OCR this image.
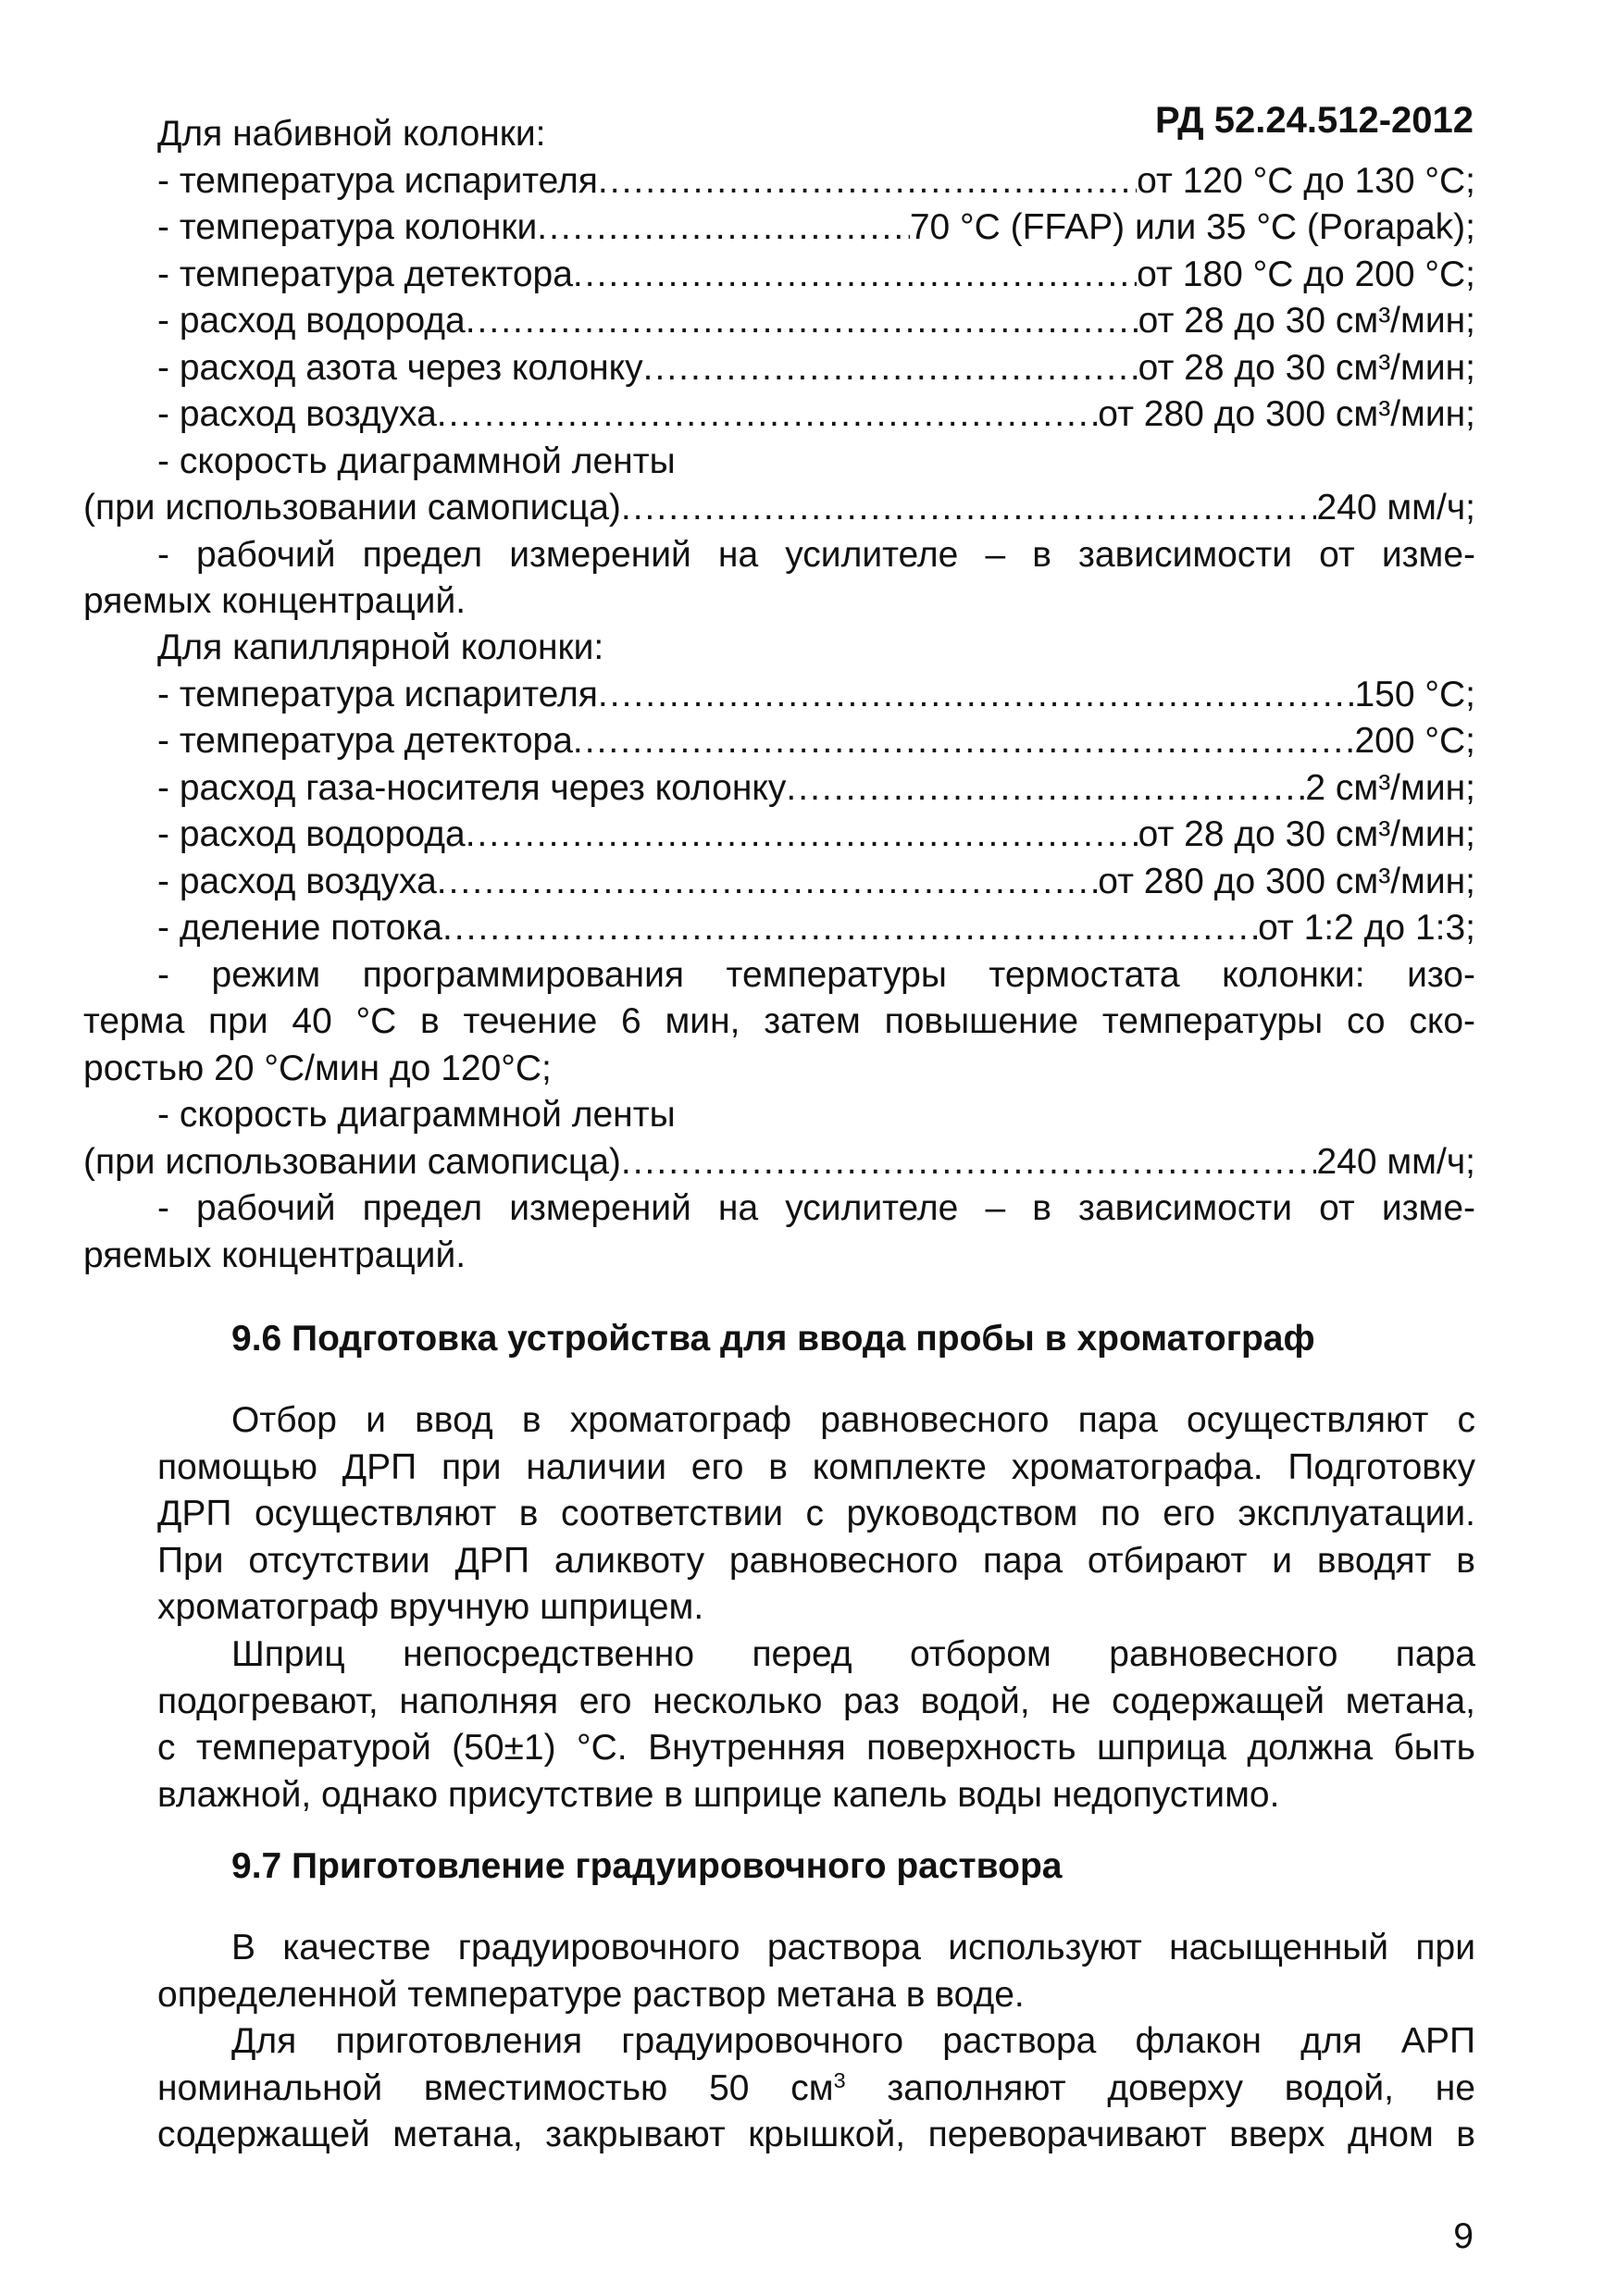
РД 52.24.512-2012
Для набивной колонки:
- температура испарителя .....	от 120 °С до 130 °С;
- температура колонки .....	70 °С (FFAP) или 35 °С (Porapak);
- температура детектора .....	от 180 °С до 200 °С;
- расход водорода .....	от 28 до 30 см³/мин;
- расход азота через колонку .....	от 28 до 30 см³/мин;
- расход воздуха .....	от 280 до 300 см³/мин;
- скорость диаграммной ленты
(при использовании самописца) .....	240 мм/ч;
- рабочий предел измерений на усилителе – в зависимости от изме-
ряемых концентраций.
Для капиллярной колонки:
- температура испарителя .....	150 °С;
- температура детектора .....	200 °С;
- расход газа-носителя через колонку .....	2 см³/мин;
- расход водорода .....	от 28 до 30 см³/мин;
- расход воздуха .....	от 280 до 300 см³/мин;
- деление потока .....	от 1:2 до 1:3;
- режим программирования температуры термостата колонки: изо-
терма при 40 °С в течение 6 мин, затем повышение температуры со ско-
ростью 20 °С/мин до 120°С;
- скорость диаграммной ленты
(при использовании самописца) .....	240 мм/ч;
- рабочий предел измерений на усилителе – в зависимости от изме-
ряемых концентраций.
9.6 Подготовка устройства для ввода пробы в хроматограф
Отбор и ввод в хроматограф равновесного пара осуществляют с
помощью ДРП при наличии его в комплекте хроматографа. Подготовку
ДРП осуществляют в соответствии с руководством по его эксплуатации.
При отсутствии ДРП аликвоту равновесного пара отбирают и вводят в
хроматограф вручную шприцем.
Шприц непосредственно перед отбором равновесного пара
подогревают, наполняя его несколько раз водой, не содержащей метана,
с температурой (50±1) °С. Внутренняя поверхность шприца должна быть
влажной, однако присутствие в шприце капель воды недопустимо.
9.7 Приготовление градуировочного раствора
В качестве градуировочного раствора используют насыщенный при
определенной температуре раствор метана в воде.
Для приготовления градуировочного раствора флакон для АРП
номинальной вместимостью 50 $см^3$ заполняют доверху водой, не
содержащей метана, закрывают крышкой, переворачивают вверх дном в
9
